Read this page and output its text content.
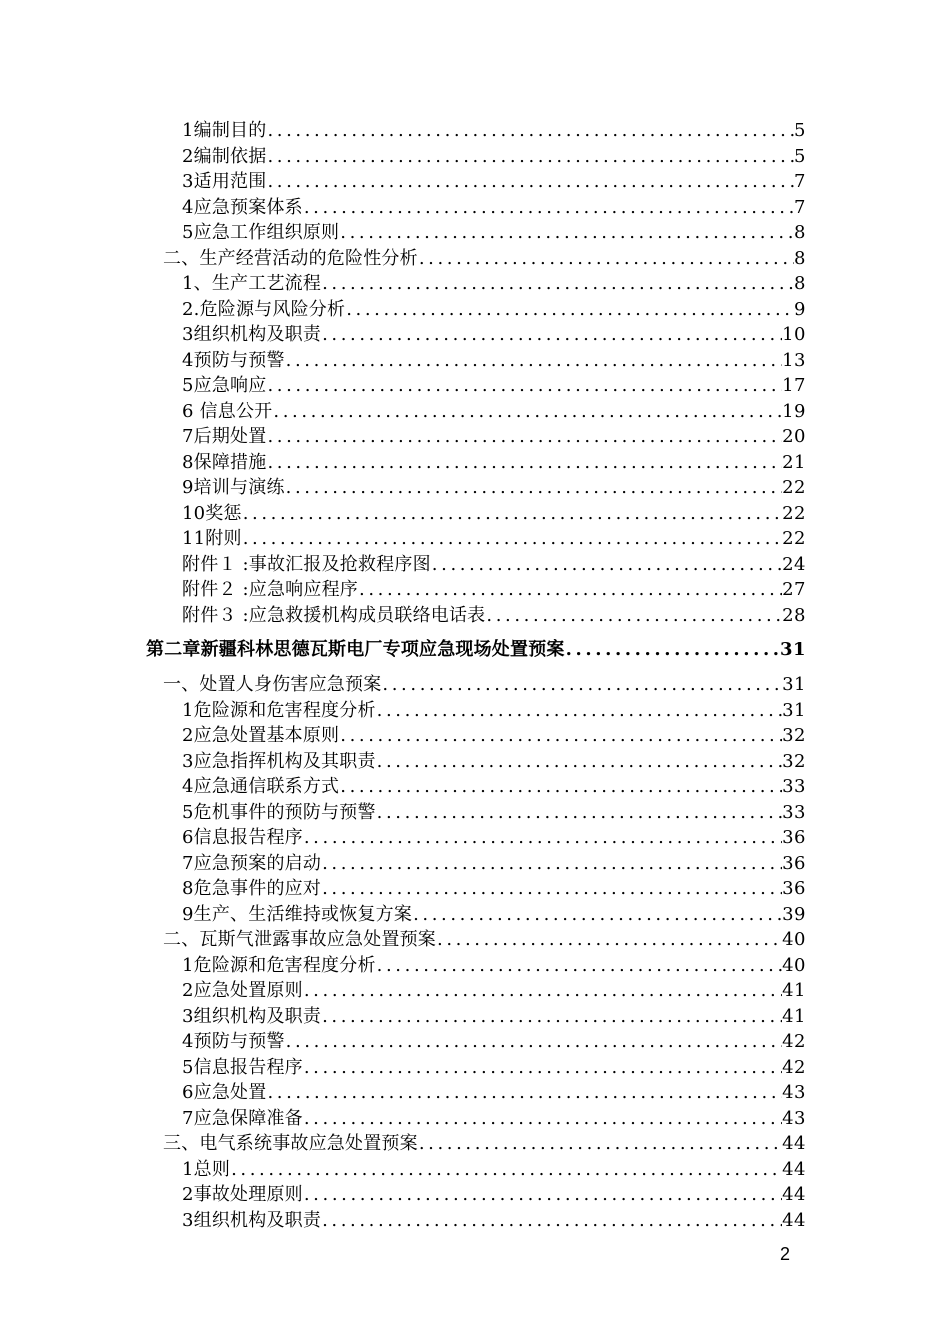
1编制目的 .....	5
2编制依据 .....	5
3适用范围 .....	7
4应急预案体系 .....	7
5应急工作组织原则 .....	8
二、生产经营活动的危险性分析 .....	8
1、生产工艺流程 .....	8
2.危险源与风险分析 .....	9
3组织机构及职责 .....	10
4预防与预警 .....	13
5应急响应 .....	17
6 信息公开 .....	19
7后期处置 .....	20
8保障措施 .....	21
9培训与演练 .....	22
10奖惩 .....	22
11附则 .....	22
附件１ :事故汇报及抢救程序图 .....	24
附件２ :应急响应程序 .....	27
附件３ :应急救援机构成员联络电话表 .....	28
第二章新疆科林思德瓦斯电厂专项应急现场处置预案 .....	31
一、处置人身伤害应急预案 .....	31
1危险源和危害程度分析 .....	31
2应急处置基本原则 .....	32
3应急指挥机构及其职责 .....	32
4应急通信联系方式 .....	33
5危机事件的预防与预警 .....	33
6信息报告程序 .....	36
7应急预案的启动 .....	36
8危急事件的应对 .....	36
9生产、生活维持或恢复方案 .....	39
二、瓦斯气泄露事故应急处置预案 .....	40
1危险源和危害程度分析 .....	40
2应急处置原则 .....	41
3组织机构及职责 .....	41
4预防与预警 .....	42
5信息报告程序 .....	42
6应急处置 .....	43
7应急保障准备 .....	43
三、电气系统事故应急处置预案 .....	44
1总则 .....	44
2事故处理原则 .....	44
3组织机构及职责 .....	44
2
